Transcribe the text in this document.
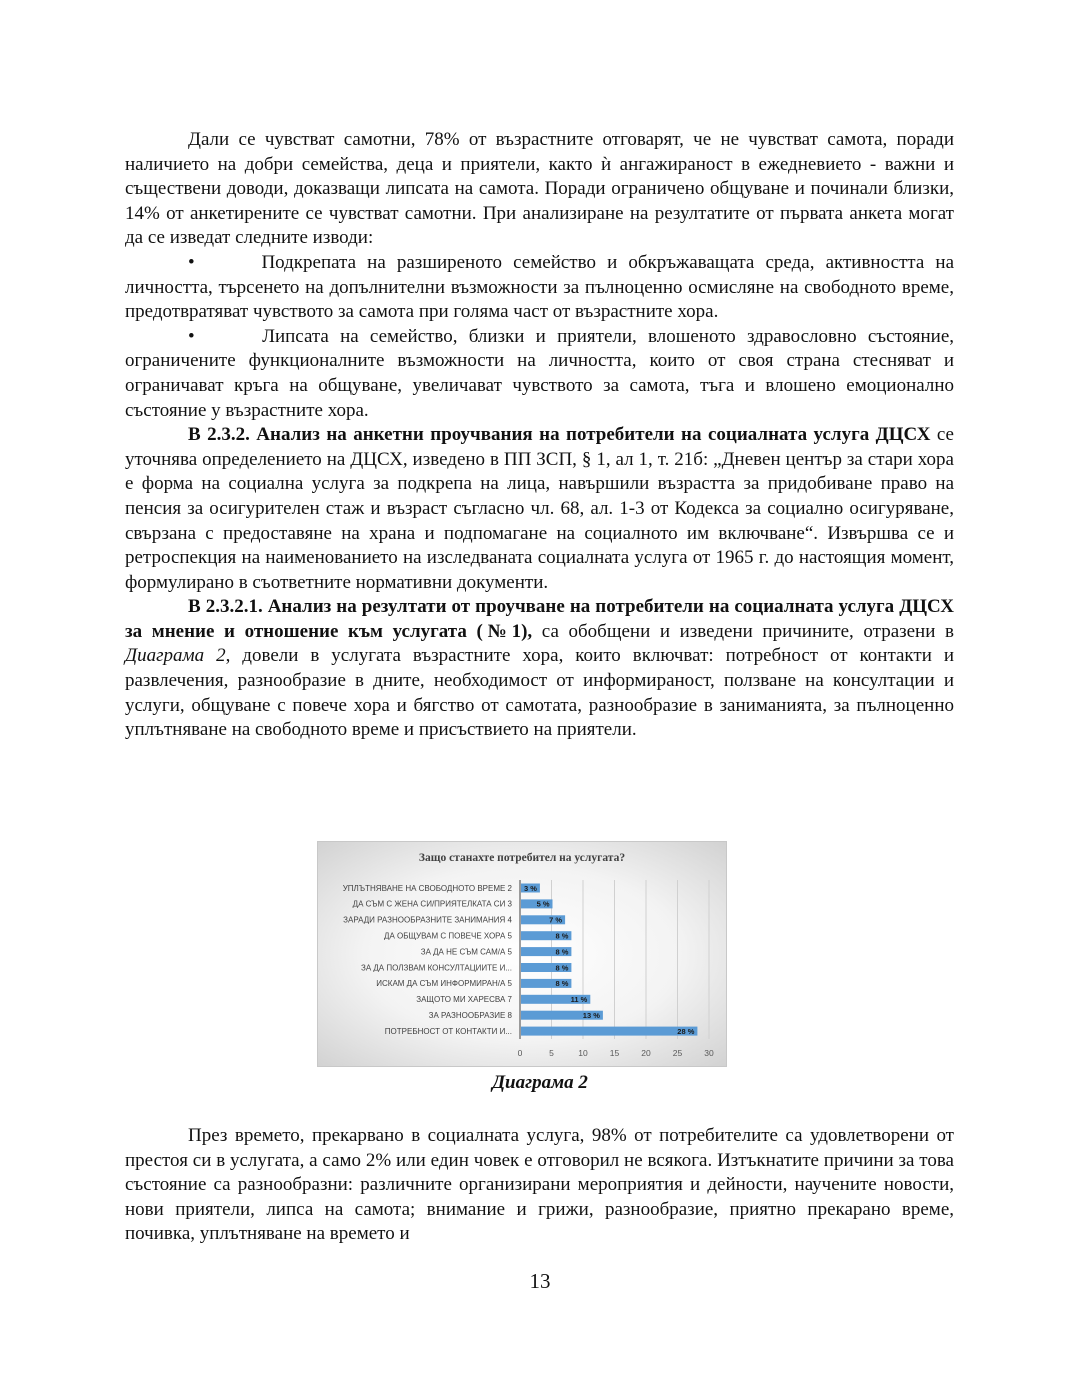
Дали се чувстват самотни, 78% от възрастните отговарят, че не чувстват самота, поради наличието на добри семейства, деца и приятели, както ѝ ангажираност в ежедневието - важни и съществени доводи, доказващи липсата на самота. Поради ограничено общуване и починали близки, 14% от анкетирените се чувстват самотни. При анализиране на резултатите от първата анкета могат да се изведат следните изводи:

•	Подкрепата на разширеното семейство и обкръжаващата среда, активността на личността, търсенето на допълнителни възможности за пълноценно осмисляне на свободното време, предотвратяват чувството за самота при голяма част от възрастните хора.

•	Липсата на семейство, близки и приятели, влошеното здравословно състояние, ограничените функционалните възможности на личността, които от своя страна стесняват и ограничават кръга на общуване, увеличават чувството за самота, тъга и влошено емоционално състояние у възрастните хора.

В 2.3.2. Анализ на анкетни проучвания на потребители на социалната услуга ДЦСХ се уточнява определението на ДЦСХ, изведено в ПП ЗСП, § 1, ал 1, т. 21б: „Дневен център за стари хора е форма на социална услуга за подкрепа на лица, навършили възрастта за придобиване право на пенсия за осигурителен стаж и възраст съгласно чл. 68, ал. 1-3 от Кодекса за социално осигуряване, свързана с предоставяне на храна и подпомагане на социалното им включване“. Извършва се и ретроспекция на наименованието на изследваната социалната услуга от 1965 г. до настоящия момент, формулирано в съответните нормативни документи.

В 2.3.2.1. Анализ на резултати от проучване на потребители на социалната услуга ДЦСХ за мнение и отношение към услугата (№1), са обобщени и изведени причините, отразени в Диаграма 2, довели в услугата възрастните хора, които включват: потребност от контакти и развлечения, разнообразие в дните, необходимост от информираност, ползване на консултации и услуги, общуване с повече хора и бягство от самотата, разнообразие в заниманията, за пълноценно уплътняване на свободното време и присъствието на приятели.

Защо станахте потребител на услугата?
3 %
5 %
7 %
8 %
8 %
8 %
8 %
11 %
13 %
28 %
УПЛЪТНЯВАНЕ НА СВОБОДНОТО ВРЕМЕ 2
ДА СЪМ С ЖЕНА СИ/ПРИЯТЕЛКАТА СИ 3
ЗАРАДИ РАЗНООБРАЗНИТЕ ЗАНИМАНИЯ 4
ДА ОБЩУВАМ С ПОВЕЧЕ ХОРА 5
ЗА ДА НЕ СЪМ САМ/А 5
ЗА ДА ПОЛЗВАМ КОНСУЛТАЦИИТЕ И...
ИСКАМ ДА СЪМ ИНФОРМИРАН/А 5
ЗАЩОТО МИ ХАРЕСВА 7
ЗА РАЗНООБРАЗИЕ 8
ПОТРЕБНОСТ ОТ КОНТАКТИ И...
0	5	10	15	20	25	30
Диаграма 2

През времето, прекарвано в социалната услуга, 98% от потребителите са удовлетворени от престоя си в услугата, а само 2% или един човек е отговорил не всякога. Изтъкнатите причини за това състояние са разнообразни: различните организирани мероприятия и дейности, научените новости, нови приятели, липса на самота; внимание и грижи, разнообразие, приятно прекарано време, почивка, уплътняване на времето и

13
